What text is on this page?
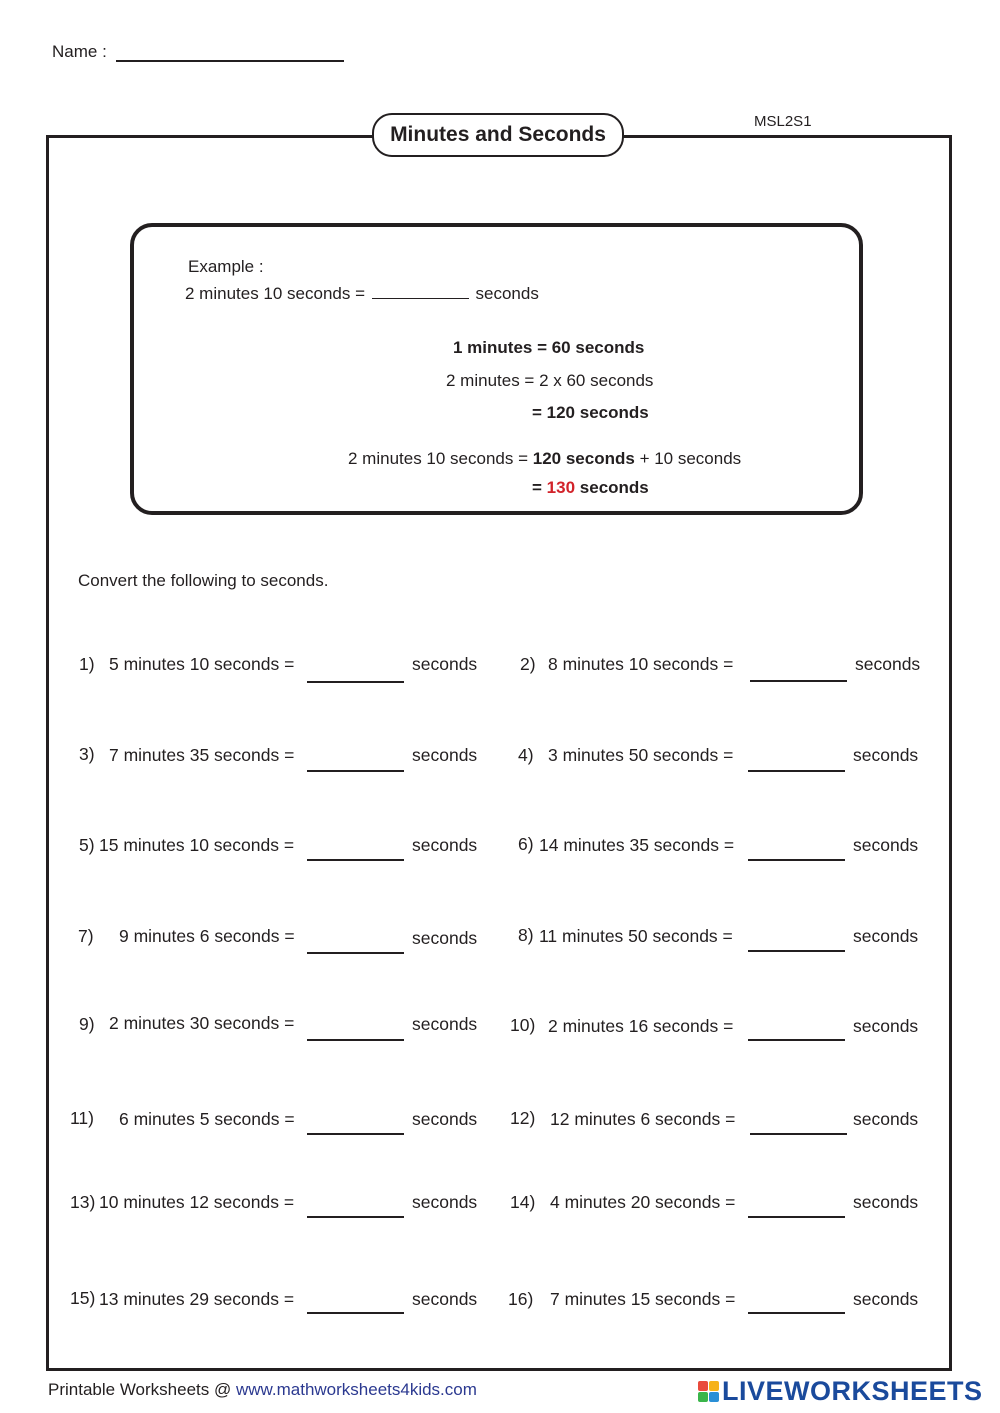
Name :
MSL2S1
Minutes and Seconds
Example :
2 minutes 10 seconds =	seconds
1 minutes = 60 seconds
2 minutes = 2 x 60 seconds
= 120 seconds
2 minutes 10 seconds = 120 seconds + 10 seconds
= 130 seconds
Convert the following to seconds.
1) 5 minutes 10 seconds =	seconds 2) 8 minutes 10 seconds =	seconds
3) 7 minutes 35 seconds =	seconds 4) 3 minutes 50 seconds =	seconds
5) 15 minutes 10 seconds =	seconds 6) 14 minutes 35 seconds =	seconds
7) 9 minutes 6 seconds =	seconds 8) 11 minutes 50 seconds =	seconds
9) 2 minutes 30 seconds =	seconds 10) 2 minutes 16 seconds =	seconds
11) 6 minutes 5 seconds =	seconds 12) 12 minutes 6 seconds =	seconds
13) 10 minutes 12 seconds =	seconds 14) 4 minutes 20 seconds =	seconds
15) 13 minutes 29 seconds =	seconds 16) 7 minutes 15 seconds =	seconds
Printable Worksheets @ www.mathworksheets4kids.com	LIVEWORKSHEETS
